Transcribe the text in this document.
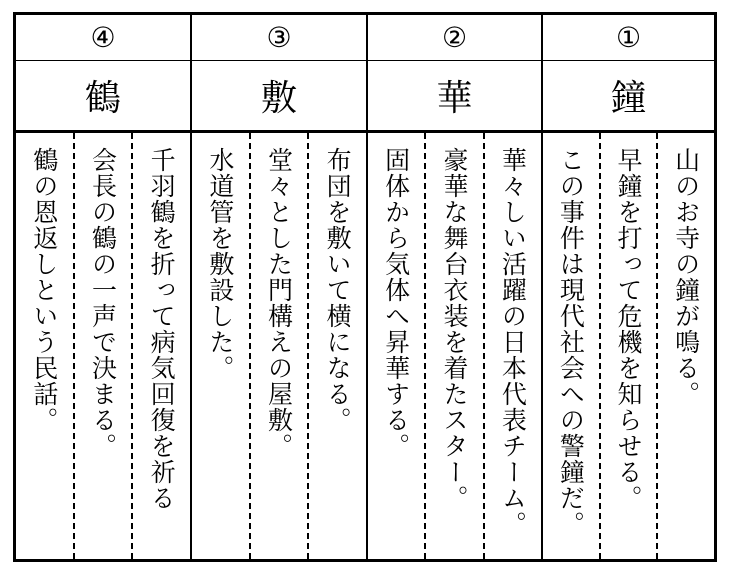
④
鶴
千羽鶴を折って病気回復を祈る
会長の鶴の一声で決まる。
鶴の恩返しという民話。
③
敷
布団を敷いて横になる。
堂々とした門構えの屋敷。
水道管を敷設した。
②
華
華々しい活躍の日本代表チーム。
豪華な舞台衣装を着たスター。
固体から気体へ昇華する。
①
鐘
山のお寺の鐘が鳴る。
早鐘を打って危機を知らせる。
この事件は現代社会への警鐘だ。
